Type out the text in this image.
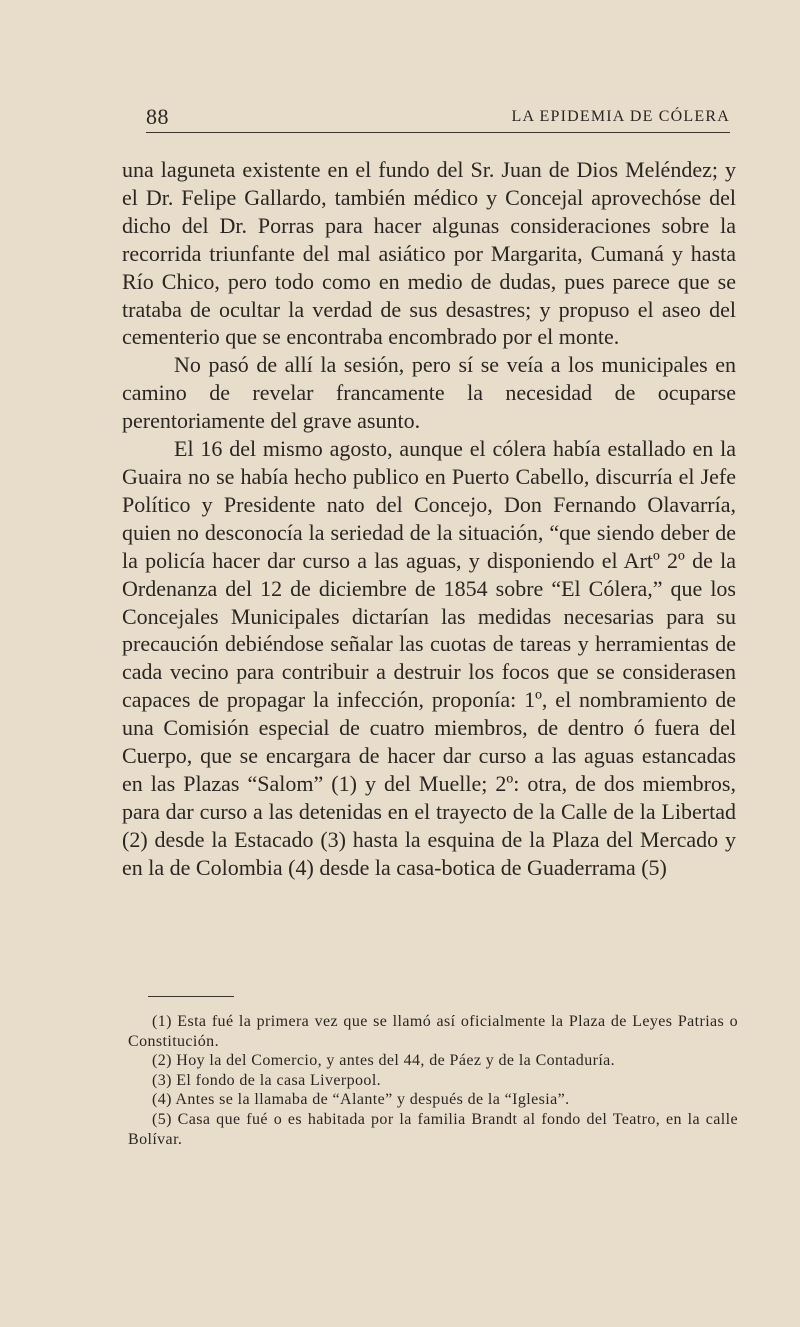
88	LA EPIDEMIA DE CÓLERA

una laguneta existente en el fundo del Sr. Juan de Dios Meléndez; y el Dr. Felipe Gallardo, también médico y Concejal aprovechóse del dicho del Dr. Porras para hacer algunas consideraciones sobre la recorrida triunfante del mal asiático por Margarita, Cumaná y hasta Río Chico, pero todo como en medio de dudas, pues parece que se trataba de ocultar la verdad de sus desastres; y propuso el aseo del cementerio que se encontraba encombrado por el monte.

No pasó de allí la sesión, pero sí se veía a los municipales en camino de revelar francamente la necesidad de ocuparse perentoriamente del grave asunto.

El 16 del mismo agosto, aunque el cólera había estallado en la Guaira no se había hecho publico en Puerto Cabello, discurría el Jefe Político y Presidente nato del Concejo, Don Fernando Olavarría, quien no desconocía la seriedad de la situación, “que siendo deber de la policía hacer dar curso a las aguas, y disponiendo el Artº 2º de la Ordenanza del 12 de diciembre de 1854 sobre “El Cólera,” que los Concejales Municipales dictarían las medidas necesarias para su precaución debiéndose señalar las cuotas de tareas y herramientas de cada vecino para contribuir a destruir los focos que se considerasen capaces de propagar la infección, proponía: 1º, el nombramiento de una Comisión especial de cuatro miembros, de dentro ó fuera del Cuerpo, que se encargara de hacer dar curso a las aguas estancadas en las Plazas “Salom” (1) y del Muelle; 2º: otra, de dos miembros, para dar curso a las detenidas en el trayecto de la Calle de la Libertad (2) desde la Estacado (3) hasta la esquina de la Plaza del Mercado y en la de Colombia (4) desde la casa-botica de Guaderrama (5)

(1) Esta fué la primera vez que se llamó así oficialmente la Plaza de Leyes Patrias o Constitución.

(2) Hoy la del Comercio, y antes del 44, de Páez y de la Contaduría.

(3) El fondo de la casa Liverpool.

(4) Antes se la llamaba de “Alante” y después de la “Iglesia”.

(5) Casa que fué o es habitada por la familia Brandt al fondo del Teatro, en la calle Bolívar.
